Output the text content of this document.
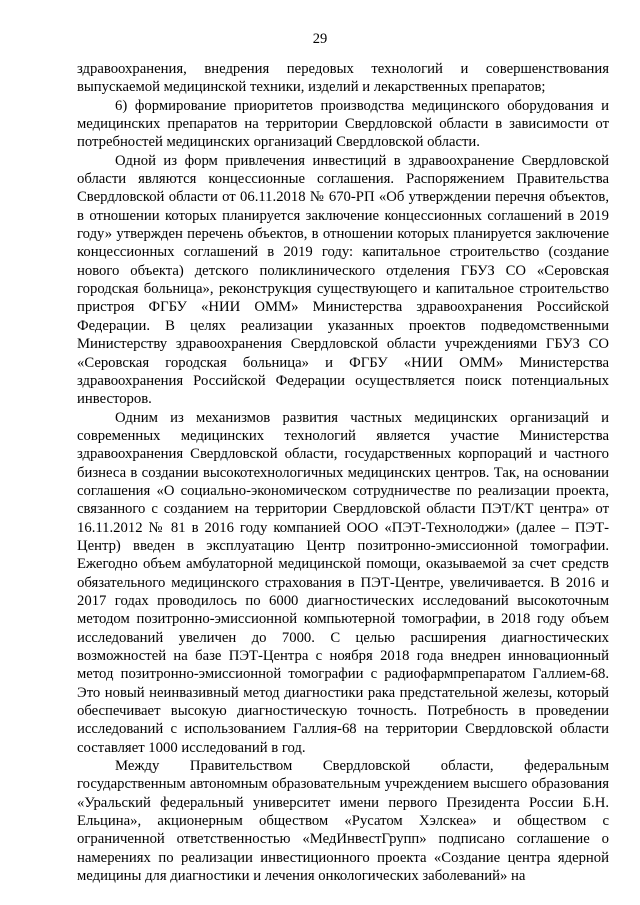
29

здравоохранения, внедрения передовых технологий и совершенствования выпускаемой медицинской техники, изделий и лекарственных препаратов;

6) формирование приоритетов производства медицинского оборудования и медицинских препаратов на территории Свердловской области в зависимости от потребностей медицинских организаций Свердловской области.

Одной из форм привлечения инвестиций в здравоохранение Свердловской области являются концессионные соглашения. Распоряжением Правительства Свердловской области от 06.11.2018 № 670-РП «Об утверждении перечня объектов, в отношении которых планируется заключение концессионных соглашений в 2019 году» утвержден перечень объектов, в отношении которых планируется заключение концессионных соглашений в 2019 году: капитальное строительство (создание нового объекта) детского поликлинического отделения ГБУЗ СО «Серовская городская больница», реконструкция существующего и капитальное строительство пристроя ФГБУ «НИИ ОММ» Министерства здравоохранения Российской Федерации. В целях реализации указанных проектов подведомственными Министерству здравоохранения Свердловской области учреждениями ГБУЗ СО «Серовская городская больница» и ФГБУ «НИИ ОММ» Министерства здравоохранения Российской Федерации осуществляется поиск потенциальных инвесторов.

Одним из механизмов развития частных медицинских организаций и современных медицинских технологий является участие Министерства здравоохранения Свердловской области, государственных корпораций и частного бизнеса в создании высокотехнологичных медицинских центров. Так, на основании соглашения «О социально-экономическом сотрудничестве по реализации проекта, связанного с созданием на территории Свердловской области ПЭТ/КТ центра» от 16.11.2012 № 81 в 2016 году компанией ООО «ПЭТ-Технолоджи» (далее – ПЭТ-Центр) введен в эксплуатацию Центр позитронно-эмиссионной томографии. Ежегодно объем амбулаторной медицинской помощи, оказываемой за счет средств обязательного медицинского страхования в ПЭТ-Центре, увеличивается. В 2016 и 2017 годах проводилось по 6000 диагностических исследований высокоточным методом позитронно-эмиссионной компьютерной томографии, в 2018 году объем исследований увеличен до 7000. С целью расширения диагностических возможностей на базе ПЭТ-Центра с ноября 2018 года внедрен инновационный метод позитронно-эмиссионной томографии с радиофармпрепаратом Галлием-68. Это новый неинвазивный метод диагностики рака предстательной железы, который обеспечивает высокую диагностическую точность. Потребность в проведении исследований с использованием Галлия-68 на территории Свердловской области составляет 1000 исследований в год.

Между Правительством Свердловской области, федеральным государственным автономным образовательным учреждением высшего образования «Уральский федеральный университет имени первого Президента России Б.Н. Ельцина», акционерным обществом «Русатом Хэлскеа» и обществом с ограниченной ответственностью «МедИнвестГрупп» подписано соглашение о намерениях по реализации инвестиционного проекта «Создание центра ядерной медицины для диагностики и лечения онкологических заболеваний» на
